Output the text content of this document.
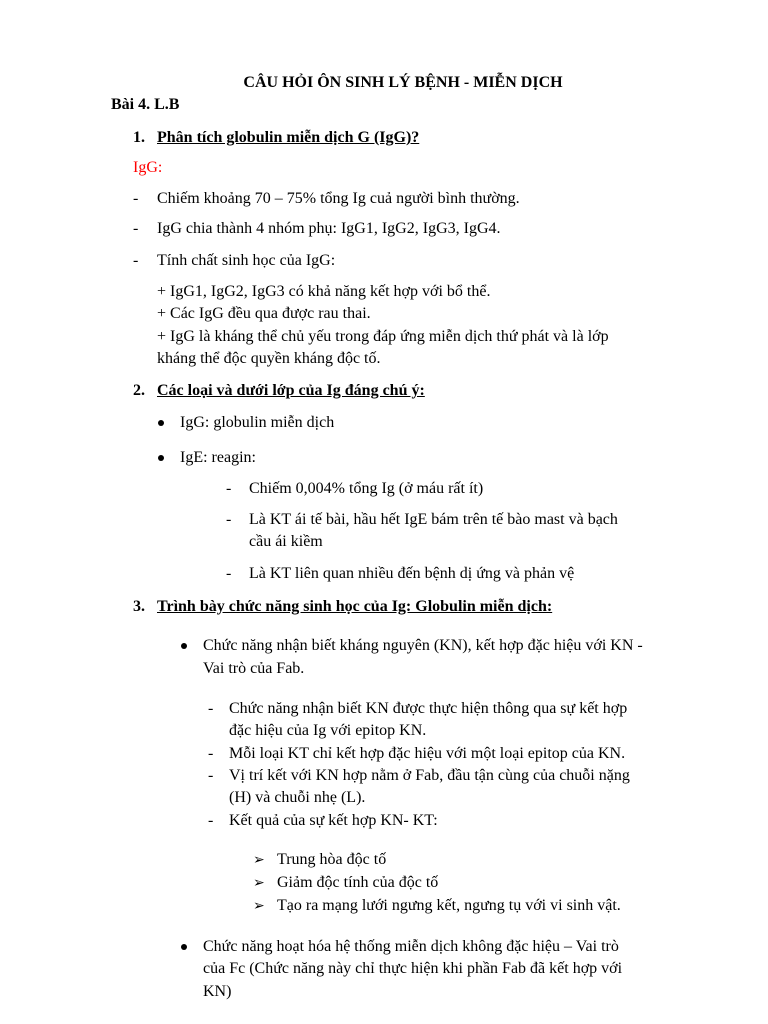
CÂU HỎI ÔN SINH LÝ BỆNH - MIỄN DỊCH
Bài 4. L.B
1. Phân tích globulin miễn dịch G (IgG)?
IgG:
- Chiếm khoảng 70 – 75% tổng Ig cuả người bình thường.
- IgG chia thành 4 nhóm phụ: IgG1, IgG2, IgG3, IgG4.
- Tính chất sinh học của IgG:
+ IgG1, IgG2, IgG3 có khả năng kết hợp với bổ thể.
+ Các IgG đều qua được rau thai.
+ IgG là kháng thể chủ yếu trong đáp ứng miễn dịch thứ phát và là lớp
kháng thể độc quyền kháng độc tố.
2. Các loại và dưới lớp của Ig đáng chú ý:
IgG: globulin miễn dịch
IgE: reagin:
- Chiếm 0,004% tổng Ig (ở máu rất ít)
- Là KT ái tế bài, hầu hết IgE bám trên tế bào mast và bạch
cầu ái kiềm
- Là KT liên quan nhiều đến bệnh dị ứng và phản vệ
3. Trình bày chức năng sinh học của Ig: Globulin miễn dịch:
Chức năng nhận biết kháng nguyên (KN), kết hợp đặc hiệu với KN -
Vai trò của Fab.
- Chức năng nhận biết KN được thực hiện thông qua sự kết hợp
đặc hiệu của Ig với epitop KN.
- Mỗi loại KT chỉ kết hợp đặc hiệu với một loại epitop của KN.
- Vị trí kết với KN hợp nằm ở Fab, đầu tận cùng của chuỗi nặng
(H) và chuỗi nhẹ (L).
- Kết quả của sự kết hợp KN- KT:
➢ Trung hòa độc tố
➢ Giảm độc tính của độc tố
➢ Tạo ra mạng lưới ngưng kết, ngưng tụ với vi sinh vật.
Chức năng hoạt hóa hệ thống miễn dịch không đặc hiệu – Vai trò
của Fc (Chức năng này chỉ thực hiện khi phần Fab đã kết hợp với
KN)
